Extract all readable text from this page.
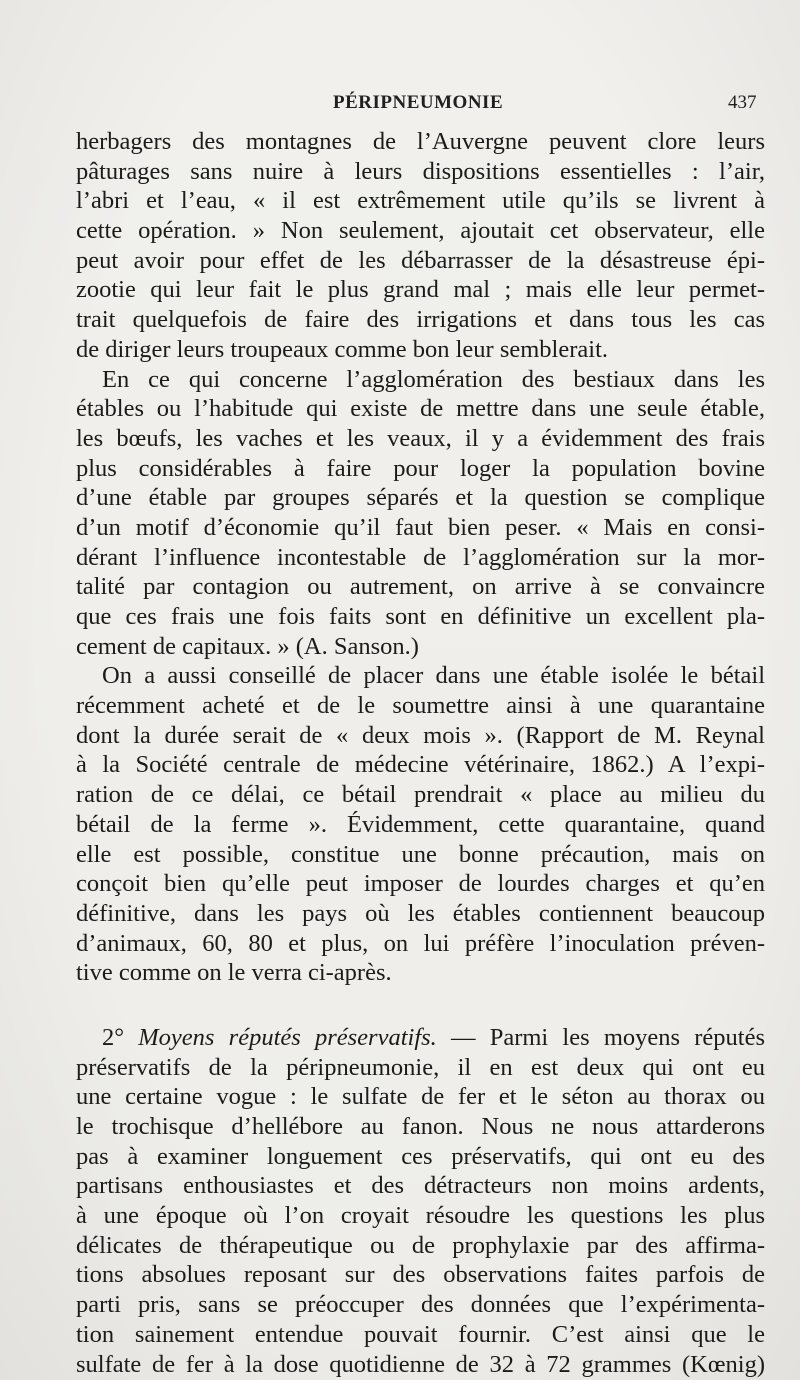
PÉRIPNEUMONIE	437
herbagers des montagnes de l’Auvergne peuvent clore leurs
pâturages sans nuire à leurs dispositions essentielles : l’air,
l’abri et l’eau, « il est extrêmement utile qu’ils se livrent à
cette opération. » Non seulement, ajoutait cet observateur, elle
peut avoir pour effet de les débarrasser de la désastreuse épi-
zootie qui leur fait le plus grand mal ; mais elle leur permet-
trait quelquefois de faire des irrigations et dans tous les cas
de diriger leurs troupeaux comme bon leur semblerait.
En ce qui concerne l’agglomération des bestiaux dans les
étables ou l’habitude qui existe de mettre dans une seule étable,
les bœufs, les vaches et les veaux, il y a évidemment des frais
plus considérables à faire pour loger la population bovine
d’une étable par groupes séparés et la question se complique
d’un motif d’économie qu’il faut bien peser. « Mais en consi-
dérant l’influence incontestable de l’agglomération sur la mor-
talité par contagion ou autrement, on arrive à se convaincre
que ces frais une fois faits sont en définitive un excellent pla-
cement de capitaux. » (A. Sanson.)
On a aussi conseillé de placer dans une étable isolée le bétail
récemment acheté et de le soumettre ainsi à une quarantaine
dont la durée serait de « deux mois ». (Rapport de M. Reynal
à la Société centrale de médecine vétérinaire, 1862.) A l’expi-
ration de ce délai, ce bétail prendrait « place au milieu du
bétail de la ferme ». Évidemment, cette quarantaine, quand
elle est possible, constitue une bonne précaution, mais on
conçoit bien qu’elle peut imposer de lourdes charges et qu’en
définitive, dans les pays où les étables contiennent beaucoup
d’animaux, 60, 80 et plus, on lui préfère l’inoculation préven-
tive comme on le verra ci-après.
2° Moyens réputés préservatifs. — Parmi les moyens réputés
préservatifs de la péripneumonie, il en est deux qui ont eu
une certaine vogue : le sulfate de fer et le séton au thorax ou
le trochisque d’hellébore au fanon. Nous ne nous attarderons
pas à examiner longuement ces préservatifs, qui ont eu des
partisans enthousiastes et des détracteurs non moins ardents,
à une époque où l’on croyait résoudre les questions les plus
délicates de thérapeutique ou de prophylaxie par des affirma-
tions absolues reposant sur des observations faites parfois de
parti pris, sans se préoccuper des données que l’expérimenta-
tion sainement entendue pouvait fournir. C’est ainsi que le
sulfate de fer à la dose quotidienne de 32 à 72 grammes (Kœnig)
